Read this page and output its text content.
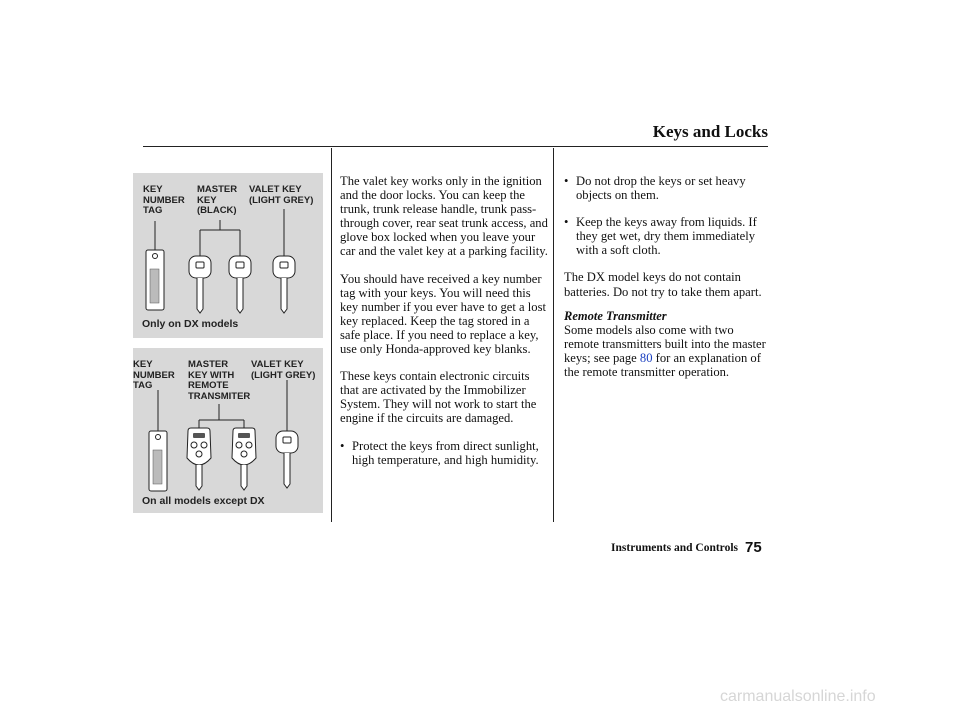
Keys and Locks
KEY
NUMBER
TAG
MASTER
KEY
(BLACK)
VALET KEY
(LIGHT GREY)
Only on DX models
KEY
NUMBER
TAG
MASTER
KEY WITH
REMOTE
TRANSMITER
VALET KEY
(LIGHT GREY)
On all models except DX

The valet key works only in the ignition and the door locks. You can keep the trunk, trunk release handle, trunk pass-through cover, rear seat trunk access, and glove box locked when you leave your car and the valet key at a parking facility.

You should have received a key number tag with your keys. You will need this key number if you ever have to get a lost key replaced. Keep the tag stored in a safe place. If you need to replace a key, use only Honda-approved key blanks.

These keys contain electronic circuits that are activated by the Immobilizer System. They will not work to start the engine if the circuits are damaged.

• Protect the keys from direct sunlight, high temperature, and high humidity.
• Do not drop the keys or set heavy objects on them.
• Keep the keys away from liquids. If they get wet, dry them immediately with a soft cloth.

The DX model keys do not contain batteries. Do not try to take them apart.

Remote Transmitter

Some models also come with two remote transmitters built into the master keys; see page 80 for an explanation of the remote transmitter operation.

Instruments and Controls 75
carmanualsonline.info
